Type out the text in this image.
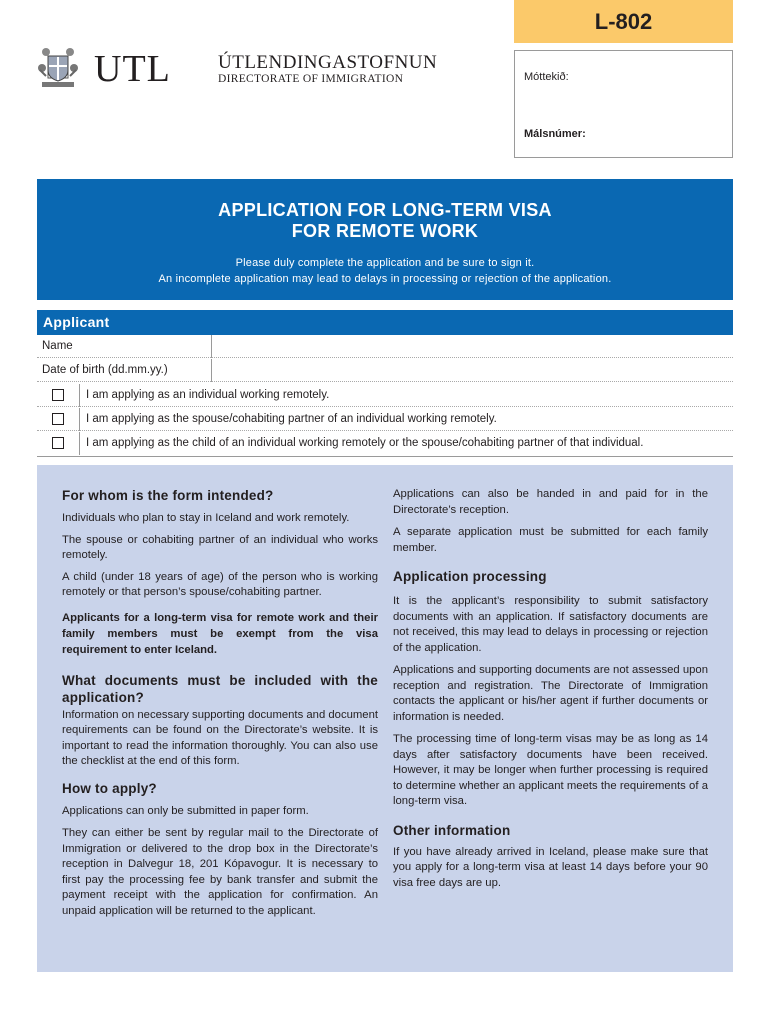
L-802
Móttekið:
Málsnúmer:
UTL ÚTLENDINGASTOFNUN
DIRECTORATE OF IMMIGRATION
APPLICATION FOR LONG-TERM VISA
FOR REMOTE WORK
Please duly complete the application and be sure to sign it.
An incomplete application may lead to delays in processing or rejection of the application.
Applicant
Name
Date of birth (dd.mm.yy.)
I am applying as an individual working remotely.
I am applying as the spouse/cohabiting partner of an individual working remotely.
I am applying as the child of an individual working remotely or the spouse/cohabiting partner of that individual.
For whom is the form intended?

Individuals who plan to stay in Iceland and work remotely.

The spouse or cohabiting partner of an individual who works remotely.

A child (under 18 years of age) of the person who is working remotely or that person’s spouse/cohabiting partner.

Applicants for a long-term visa for remote work and their family members must be exempt from the visa requirement to enter Iceland.

What documents must be included with the application?

Information on necessary supporting documents and document requirements can be found on the Directorate’s website. It is important to read the information thoroughly. You can also use the checklist at the end of this form.

How to apply?

Applications can only be submitted in paper form.

They can either be sent by regular mail to the Directorate of Immigration or delivered to the drop box in the Directorate’s reception in Dalvegur 18, 201 Kópavogur. It is necessary to first pay the processing fee by bank transfer and submit the payment receipt with the application for confirmation. An unpaid application will be returned to the applicant.

Applications can also be handed in and paid for in the Directorate’s reception.

A separate application must be submitted for each family member.

Application processing

It is the applicant’s responsibility to submit satisfactory documents with an application. If satisfactory documents are not received, this may lead to delays in processing or rejection of the application.

Applications and supporting documents are not assessed upon reception and registration. The Directorate of Immigration contacts the applicant or his/her agent if further documents or information is needed.

The processing time of long-term visas may be as long as 14 days after satisfactory documents have been received. However, it may be longer when further processing is required to determine whether an applicant meets the requirements of a long-term visa.

Other information

If you have already arrived in Iceland, please make sure that you apply for a long-term visa at least 14 days before your 90 visa free days are up.
